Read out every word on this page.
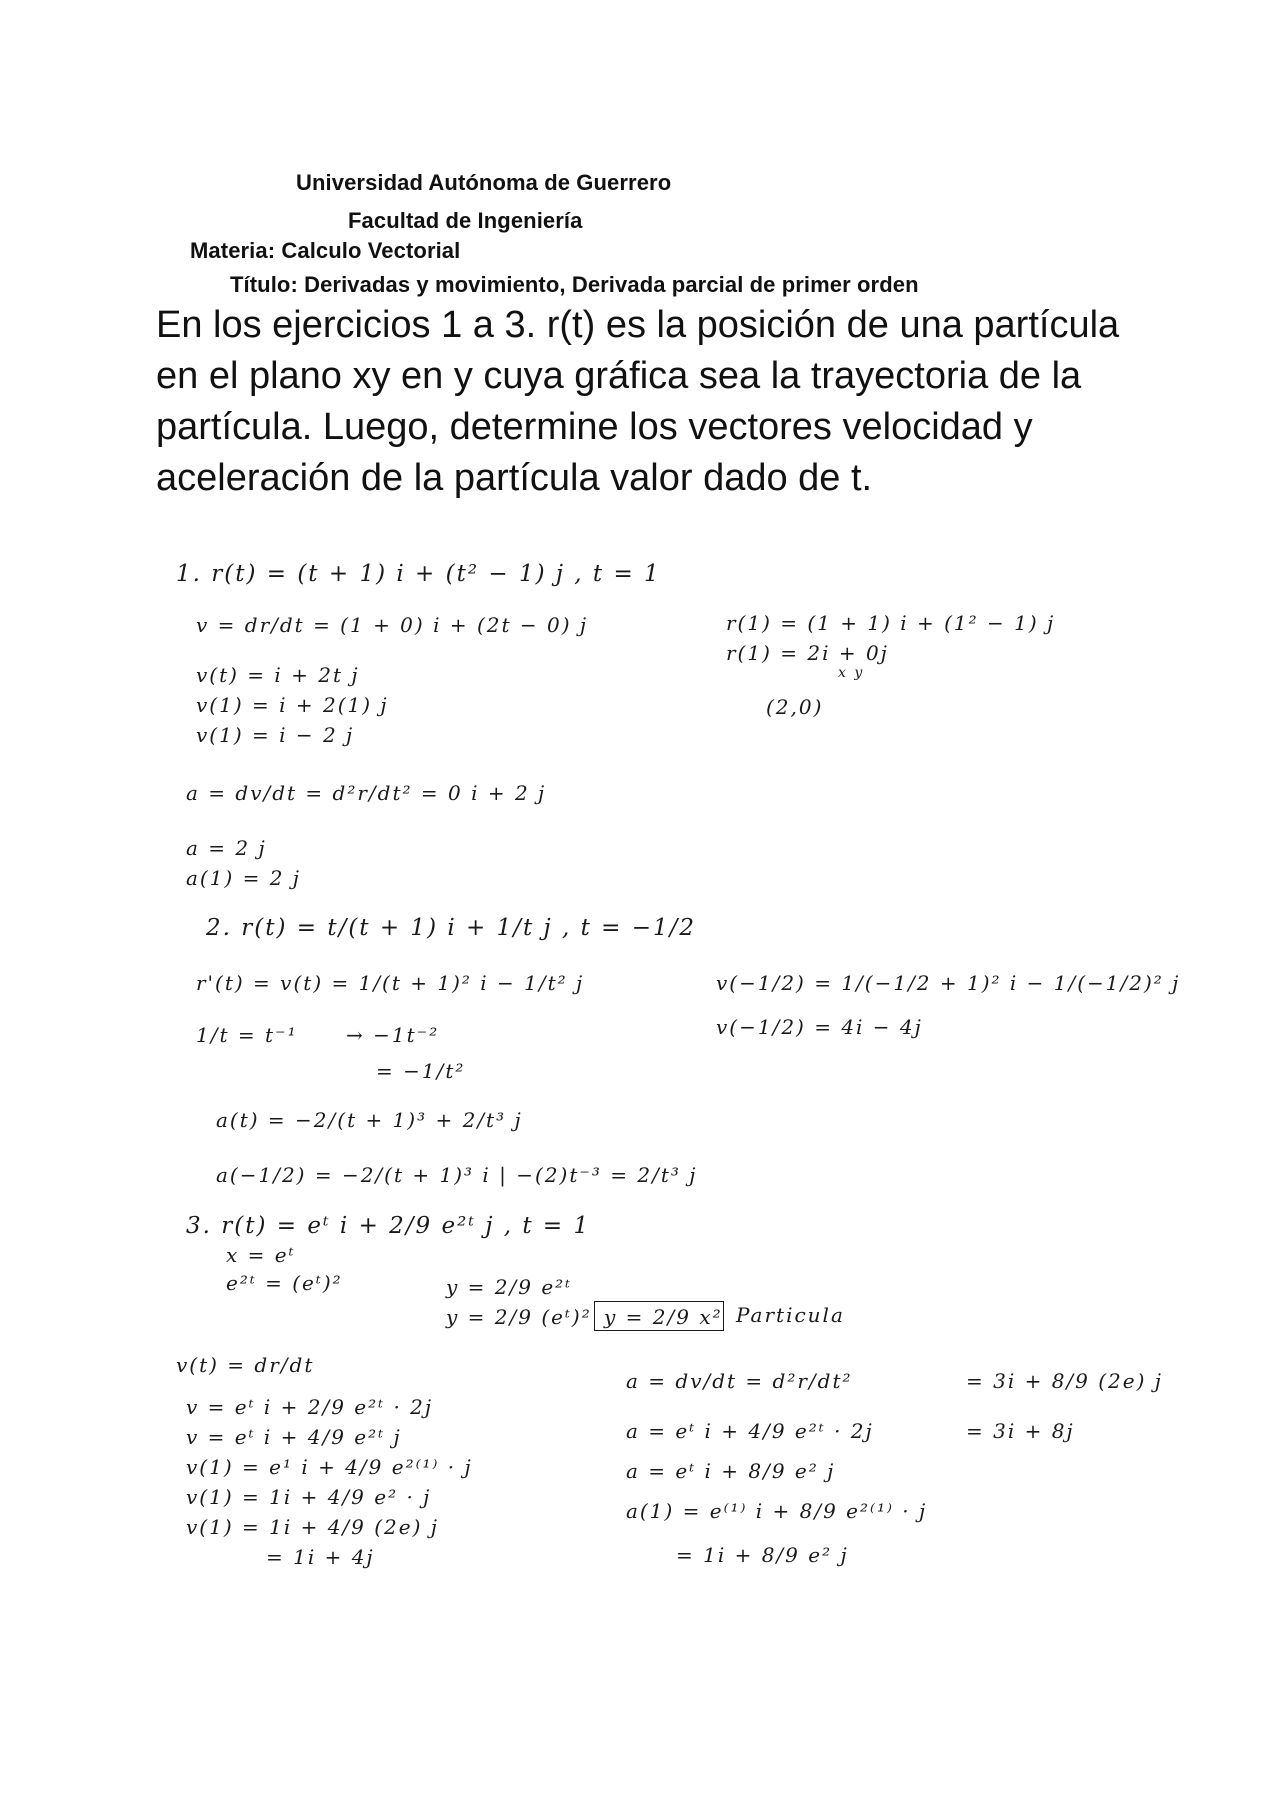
Universidad Autónoma de Guerrero
Facultad de Ingeniería
Materia: Calculo Vectorial
Título: Derivadas y movimiento, Derivada parcial de primer orden
En los ejercicios 1 a 3. r(t) es la posición de una partícula en el plano xy en y cuya gráfica sea la trayectoria de la partícula. Luego, determine los vectores velocidad y aceleración de la partícula valor dado de t.
1. r(t) = (t + 1) i + (t² − 1) j , t = 1
v = dr/dt = (1 + 0) i + (2t − 0) j
v(t) = i + 2t j
v(1) = i + 2(1) j
v(1) = i − 2 j
a = dv/dt = d²r/dt² = 0 i + 2 j
a = 2 j
a(1) = 2 j
r(1) = (1 + 1) i + (1² − 1) j
r(1) = 2i + 0j
x y
(2,0)
2. r(t) = t/(t + 1) i + 1/t j , t = −1/2
r'(t) = v(t) = 1/(t + 1)² i − 1/t² j	v(−1/2) = 1/(−1/2 + 1)² i − 1/(−1/2)² j
v(−1/2) = 4i − 4j
1/t = t⁻¹ → −1t⁻²
= −1/t²
a(t) = −2/(t + 1)³ + 2/t³ j
a(−1/2) = −2/(t + 1)³ i | −(2)t⁻³ = 2/t³ j
3. r(t) = eᵗ i + 2/9 e²ᵗ j , t = 1
x = eᵗ
e²ᵗ = (eᵗ)²	y = 2/9 e²ᵗ
y = 2/9 (eᵗ)² y = 2/9 x² Particula
v(t) = dr/dt
v = eᵗ i + 2/9 e²ᵗ · 2j
v = eᵗ i + 4/9 e²ᵗ j
v(1) = e¹ i + 4/9 e²⁽¹⁾ · j
v(1) = 1i + 4/9 e² · j
v(1) = 1i + 4/9 (2e) j
= 1i + 4j
a = dv/dt = d²r/dt²
a = eᵗ i + 4/9 e²ᵗ · 2j
a = eᵗ i + 8/9 e² j
a(1) = e⁽¹⁾ i + 8/9 e²⁽¹⁾ · j
= 1i + 8/9 e² j
= 3i + 8/9 (2e) j
= 3i + 8j
